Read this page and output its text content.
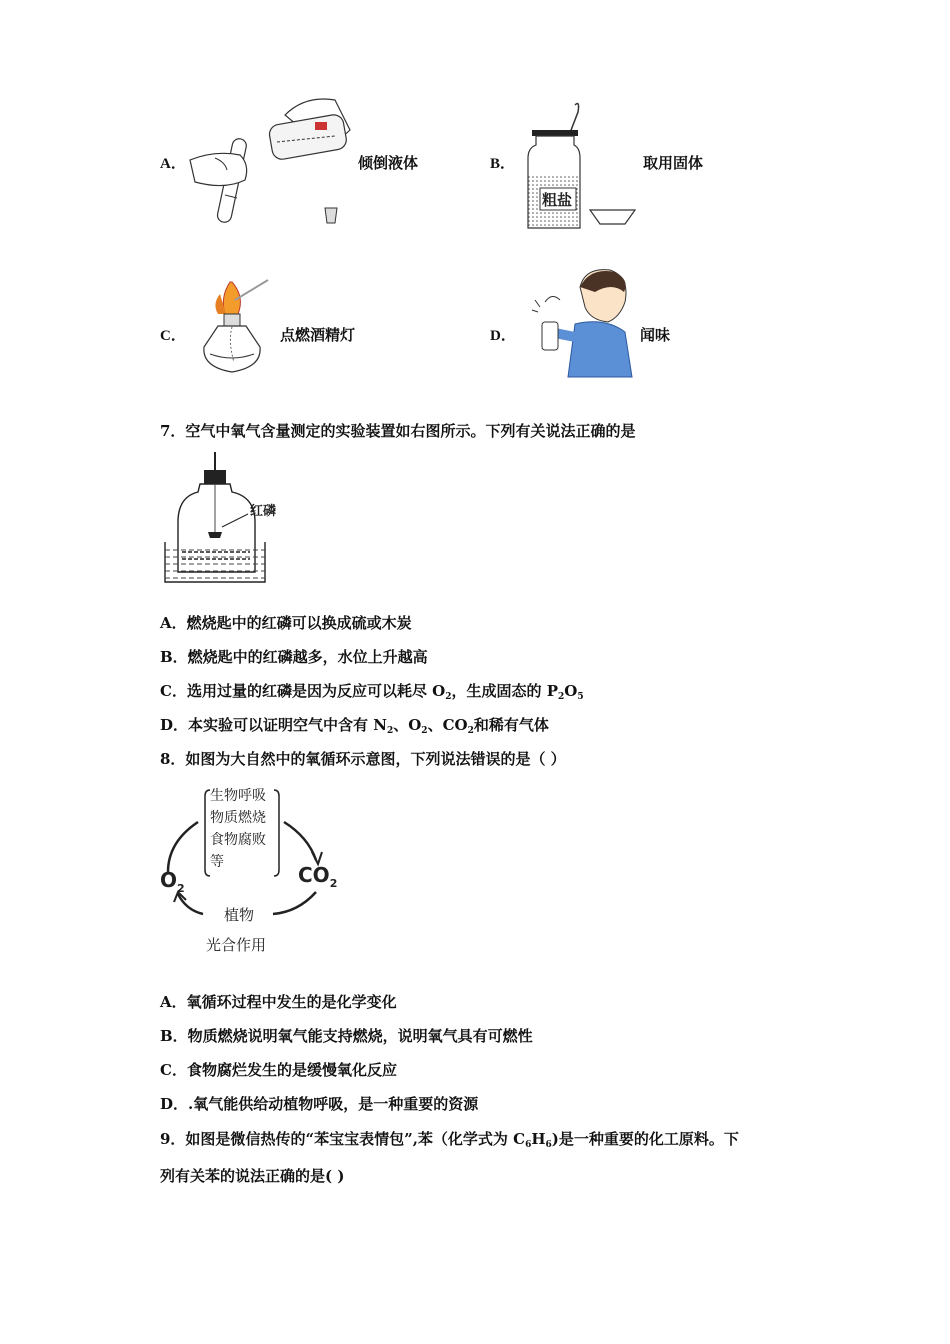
A．	倾倒液体	B．
粗盐
取用固体
C．	点燃酒精灯	D．	闻味
7．空气中氧气含量测定的实验装置如右图所示。下列有关说法正确的是
红磷
A．燃烧匙中的红磷可以换成硫或木炭
B．燃烧匙中的红磷越多，水位上升越高
C．选用过量的红磷是因为反应可以耗尽 $O_2$，生成固态的 $P_2O_5$
D．本实验可以证明空气中含有 $N_2$、$O_2$、$CO_2$和稀有气体
8．如图为大自然中的氧循环示意图，下列说法错误的是（ ）
生物呼吸
物质燃烧
食物腐败
等
$O_2$
$CO_2$
植物
光合作用
A．氧循环过程中发生的是化学变化
B．物质燃烧说明氧气能支持燃烧，说明氧气具有可燃性
C．食物腐烂发生的是缓慢氧化反应
D．.氧气能供给动植物呼吸，是一种重要的资源
9．如图是微信热传的“苯宝宝表情包”,苯（化学式为 $C_6H_6$)是一种重要的化工原料。下
列有关苯的说法正确的是( )
